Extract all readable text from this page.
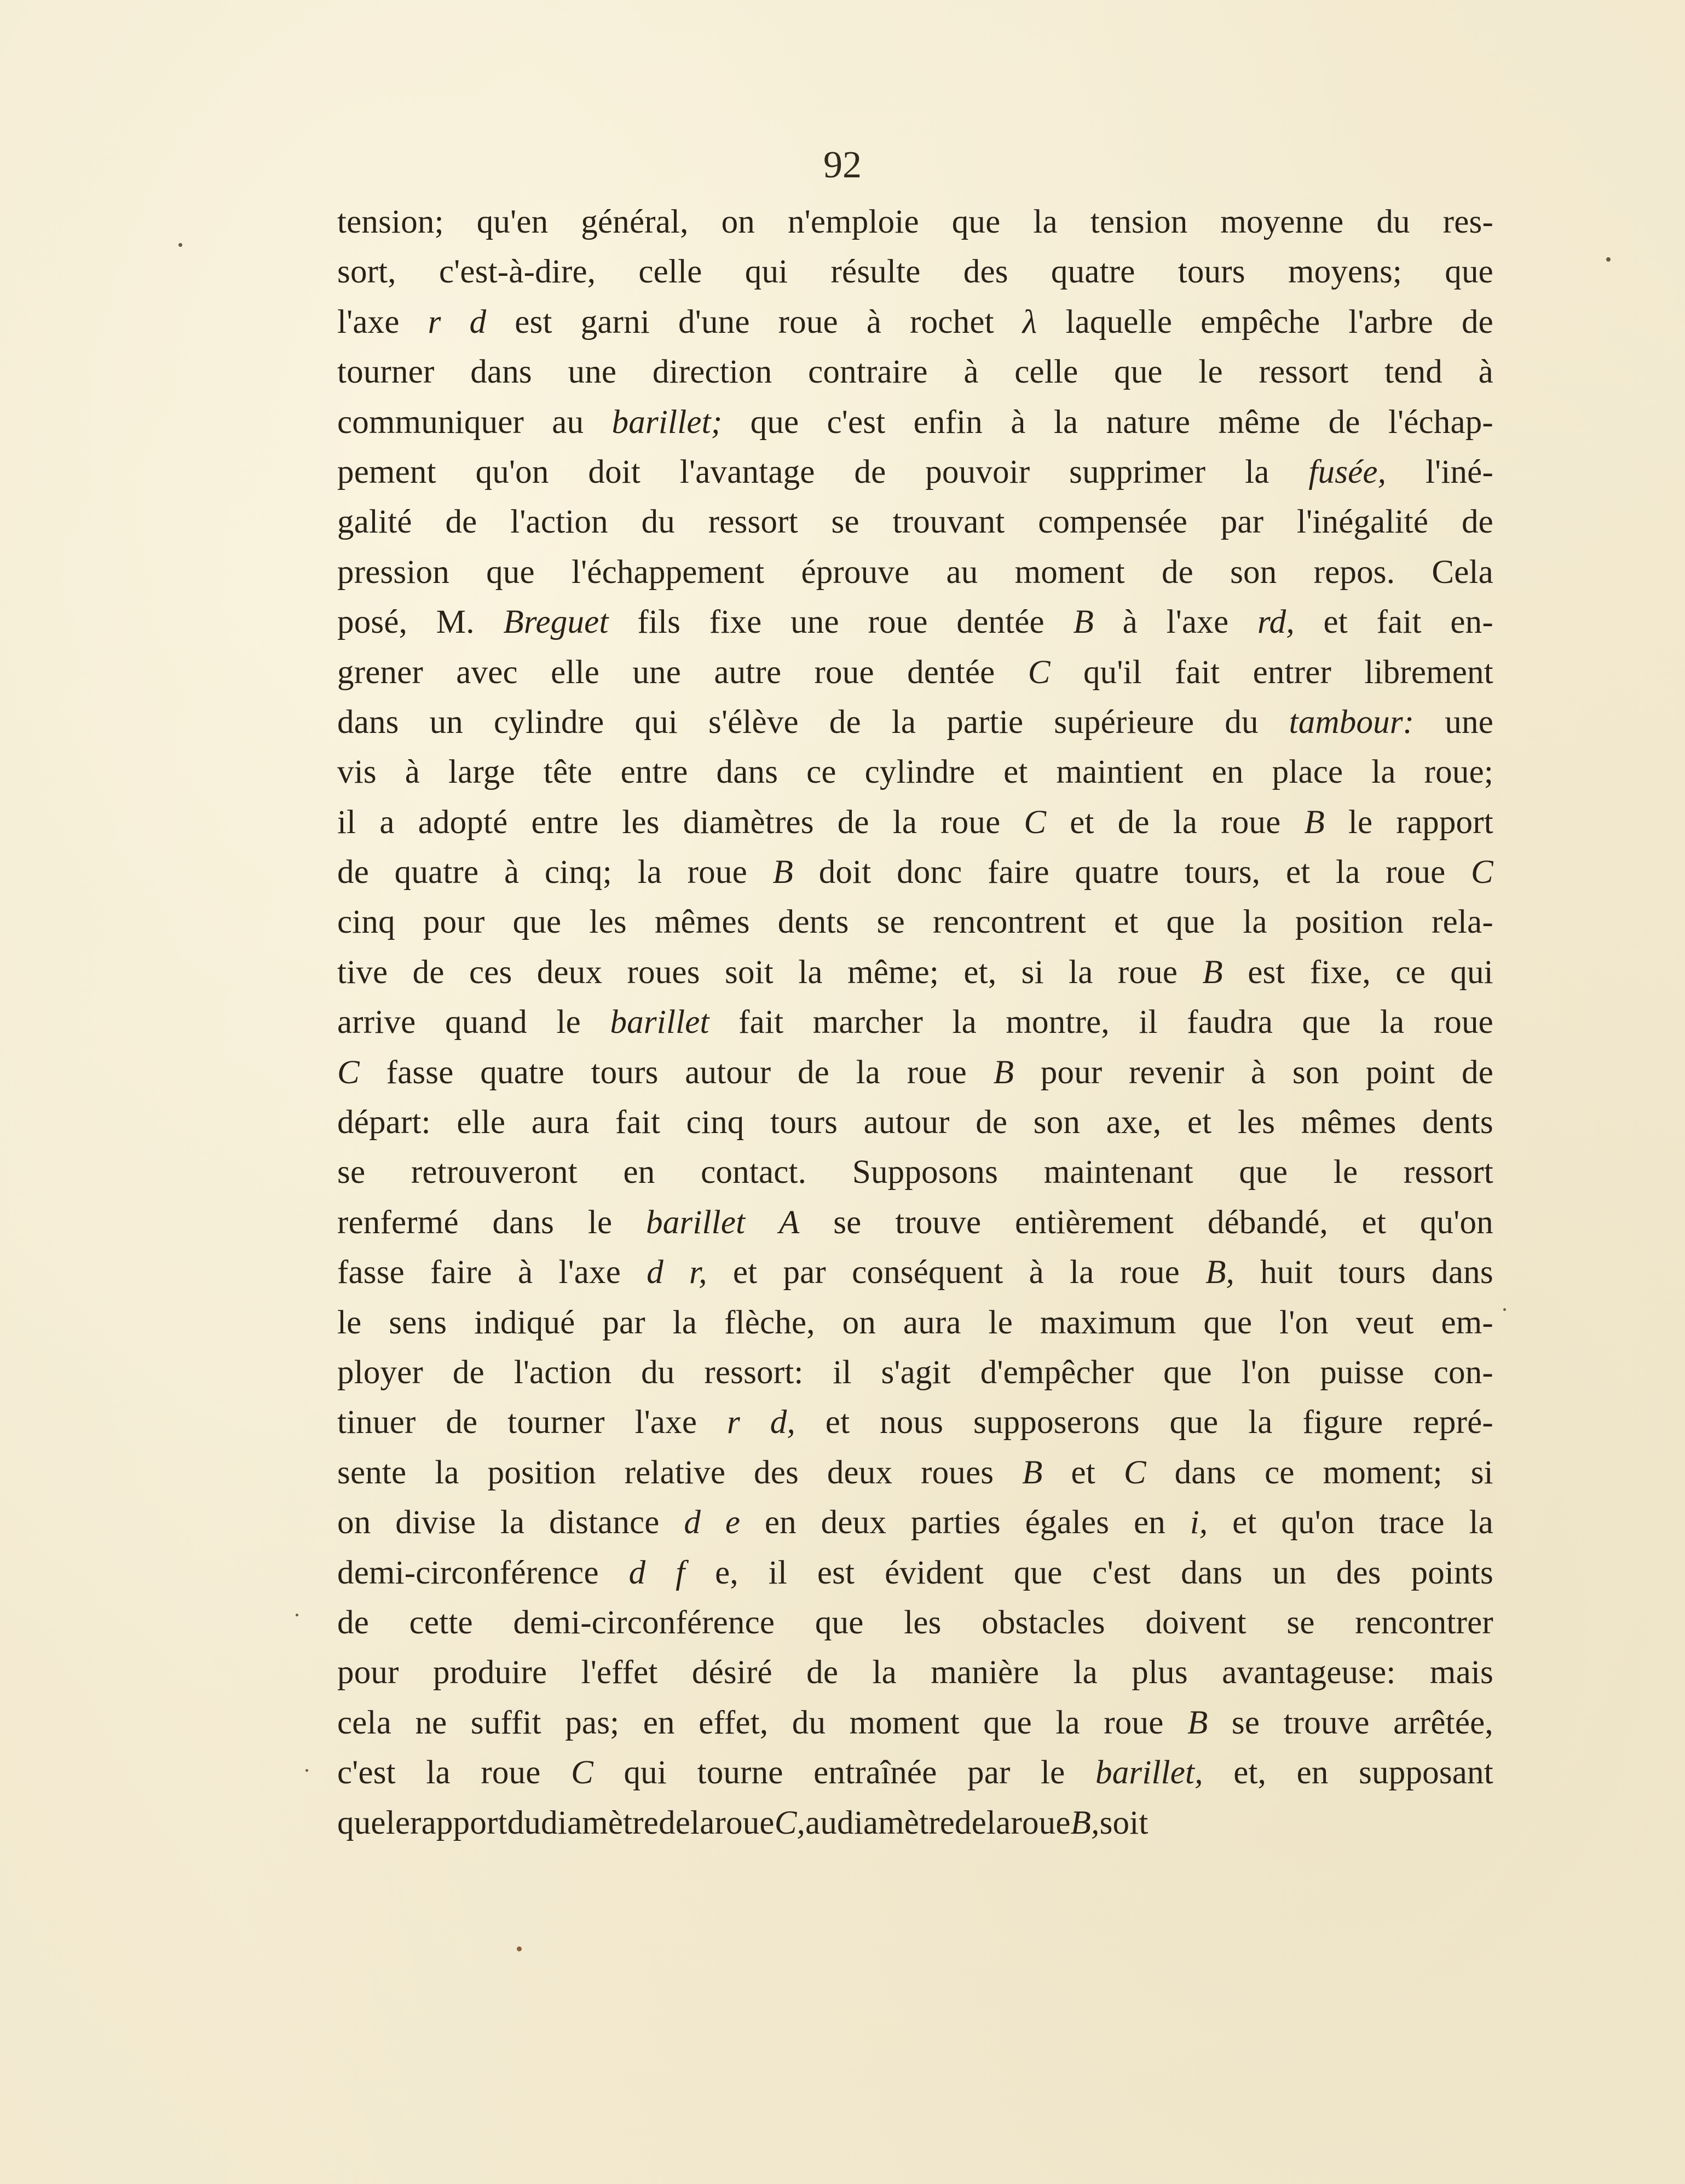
92
tension; qu'en général, on n'emploie que la tension moyenne du res-
sort, c'est-à-dire, celle qui résulte des quatre tours moyens; que
l'axe r d est garni d'une roue à rochet λ laquelle empêche l'arbre de
tourner dans une direction contraire à celle que le ressort tend à
communiquer au barillet; que c'est enfin à la nature même de l'échap-
pement qu'on doit l'avantage de pouvoir supprimer la fusée, l'iné-
galité de l'action du ressort se trouvant compensée par l'inégalité de
pression que l'échappement éprouve au moment de son repos. Cela
posé, M. Breguet fils fixe une roue dentée B à l'axe rd, et fait en-
grener avec elle une autre roue dentée C qu'il fait entrer librement
dans un cylindre qui s'élève de la partie supérieure du tambour: une
vis à large tête entre dans ce cylindre et maintient en place la roue;
il a adopté entre les diamètres de la roue C et de la roue B le rapport
de quatre à cinq; la roue B doit donc faire quatre tours, et la roue C
cinq pour que les mêmes dents se rencontrent et que la position rela-
tive de ces deux roues soit la même; et, si la roue B est fixe, ce qui
arrive quand le barillet fait marcher la montre, il faudra que la roue
C fasse quatre tours autour de la roue B pour revenir à son point de
départ: elle aura fait cinq tours autour de son axe, et les mêmes dents
se retrouveront en contact. Supposons maintenant que le ressort
renfermé dans le barillet A se trouve entièrement débandé, et qu'on
fasse faire à l'axe d r, et par conséquent à la roue B, huit tours dans
le sens indiqué par la flèche, on aura le maximum que l'on veut em-
ployer de l'action du ressort: il s'agit d'empêcher que l'on puisse con-
tinuer de tourner l'axe r d, et nous supposerons que la figure repré-
sente la position relative des deux roues B et C dans ce moment; si
on divise la distance d e en deux parties égales en i, et qu'on trace la
demi-circonférence d f e, il est évident que c'est dans un des points
de cette demi-circonférence que les obstacles doivent se rencontrer
pour produire l'effet désiré de la manière la plus avantageuse: mais
cela ne suffit pas; en effet, du moment que la roue B se trouve arrêtée,
c'est la roue C qui tourne entraînée par le barillet, et, en supposant
que le rapport du diamètre de la roue C, au diamètre de la roue B, soit
